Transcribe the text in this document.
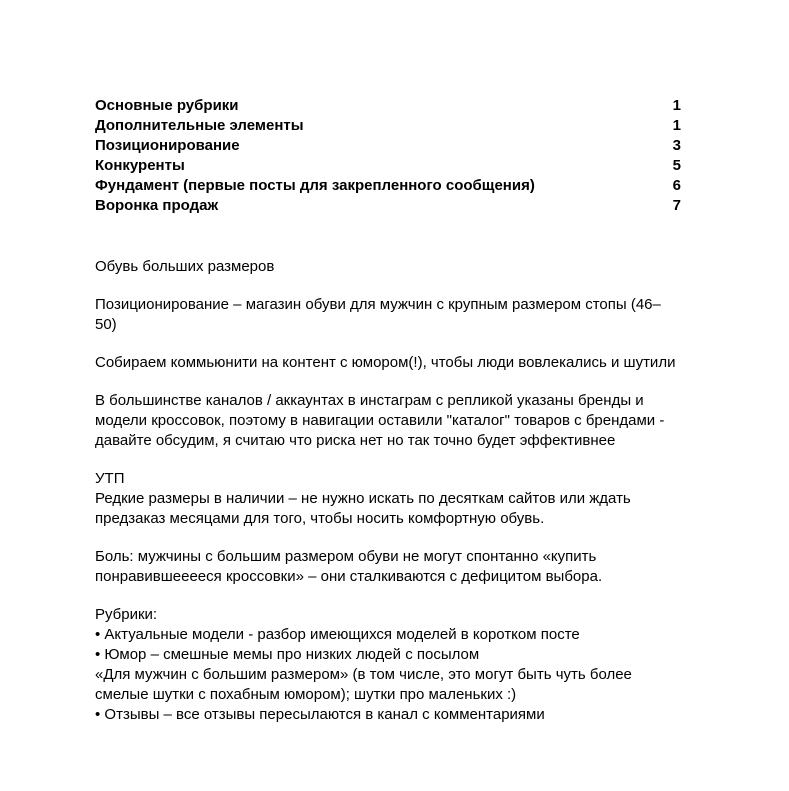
Основные рубрики	1
Дополнительные элементы	1
Позиционирование	3
Конкуренты	5
Фундамент (первые посты для закрепленного сообщения)	6
Воронка продаж	7
Обувь больших размеров
Позиционирование – магазин обуви для мужчин с крупным размером стопы (46–50)
Собираем коммьюнити на контент с юмором(!), чтобы люди вовлекались и шутили
В большинстве каналов / аккаунтах в инстаграм с репликой указаны бренды и модели кроссовок, поэтому в навигации оставили "каталог" товаров с брендами - давайте обсудим, я считаю что риска нет но так точно будет эффективнее
УТП
Редкие размеры в наличии – не нужно искать по десяткам сайтов или ждать предзаказ месяцами для того, чтобы носить комфортную обувь.
Боль: мужчины с большим размером обуви не могут спонтанно «купить понравившееееся кроссовки» – они сталкиваются с дефицитом выбора.
Рубрики:
• Актуальные модели - разбор имеющихся моделей в коротком посте
• Юмор – смешные мемы про низких людей с посылом
«Для мужчин с большим размером» (в том числе, это могут быть чуть более смелые шутки с похабным юмором); шутки про маленьких :)
• Отзывы – все отзывы пересылаются в канал с комментариями
